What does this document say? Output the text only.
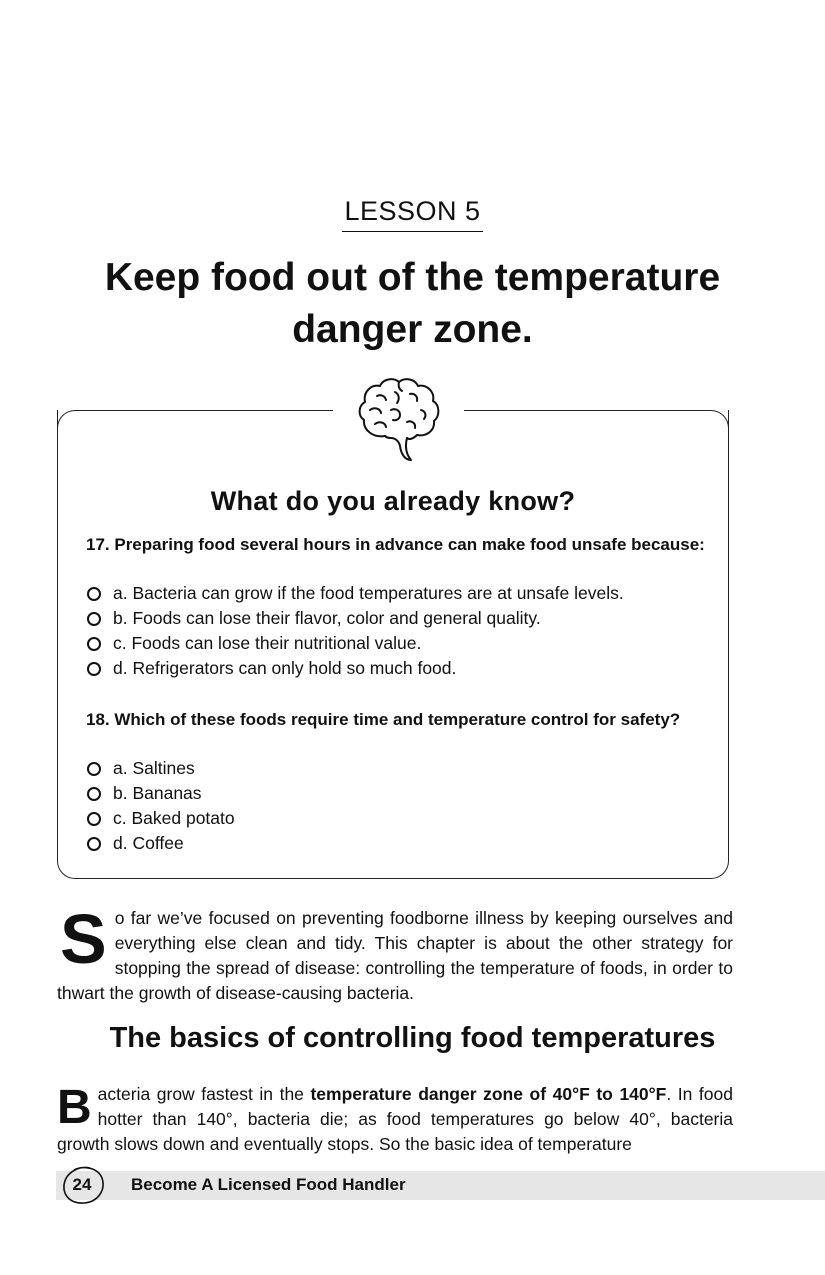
LESSON 5
Keep food out of the temperature danger zone.
What do you already know?

17. Preparing food several hours in advance can make food unsafe because:

a. Bacteria can grow if the food temperatures are at unsafe levels.
b. Foods can lose their flavor, color and general quality.
c. Foods can lose their nutritional value.
d. Refrigerators can only hold so much food.

18. Which of these foods require time and temperature control for safety?

a. Saltines
b. Bananas
c. Baked potato
d. Coffee

So far we’ve focused on preventing foodborne illness by keeping ourselves and everything else clean and tidy. This chapter is about the other strategy for stopping the spread of disease: controlling the temperature of foods, in order to thwart the growth of disease-causing bacteria.

The basics of controlling food temperatures

Bacteria grow fastest in the temperature danger zone of 40°F to 140°F. In food hotter than 140°, bacteria die; as food temperatures go below 40°, bacteria growth slows down and eventually stops. So the basic idea of temperature

24	Become A Licensed Food Handler
